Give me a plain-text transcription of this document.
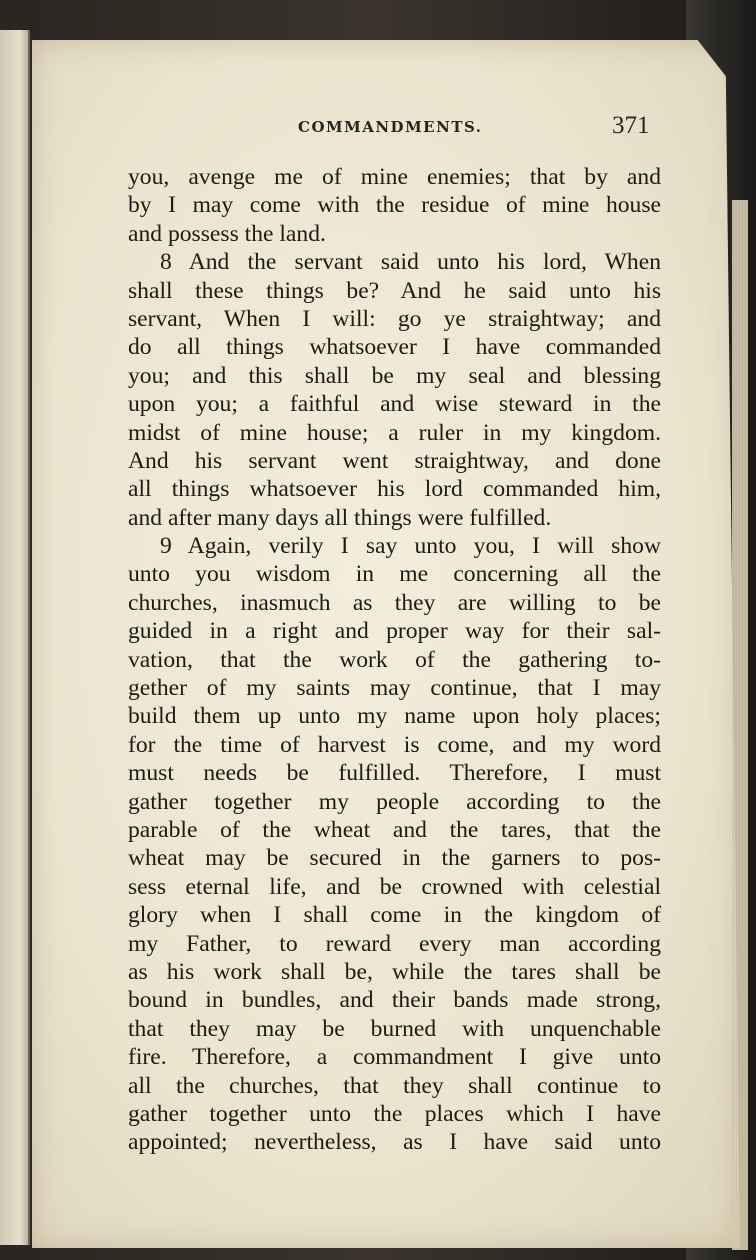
COMMANDMENTS.	371
you, avenge me of mine enemies; that by and
by I may come with the residue of mine house
and possess the land.
8 And the servant said unto his lord, When
shall these things be? And he said unto his
servant, When I will: go ye straightway; and
do all things whatsoever I have commanded
you; and this shall be my seal and blessing
upon you; a faithful and wise steward in the
midst of mine house; a ruler in my kingdom.
And his servant went straightway, and done
all things whatsoever his lord commanded him,
and after many days all things were fulfilled.
9 Again, verily I say unto you, I will show
unto you wisdom in me concerning all the
churches, inasmuch as they are willing to be
guided in a right and proper way for their sal-
vation, that the work of the gathering to-
gether of my saints may continue, that I may
build them up unto my name upon holy places;
for the time of harvest is come, and my word
must needs be fulfilled. Therefore, I must
gather together my people according to the
parable of the wheat and the tares, that the
wheat may be secured in the garners to pos-
sess eternal life, and be crowned with celestial
glory when I shall come in the kingdom of
my Father, to reward every man according
as his work shall be, while the tares shall be
bound in bundles, and their bands made strong,
that they may be burned with unquenchable
fire. Therefore, a commandment I give unto
all the churches, that they shall continue to
gather together unto the places which I have
appointed; nevertheless, as I have said unto
